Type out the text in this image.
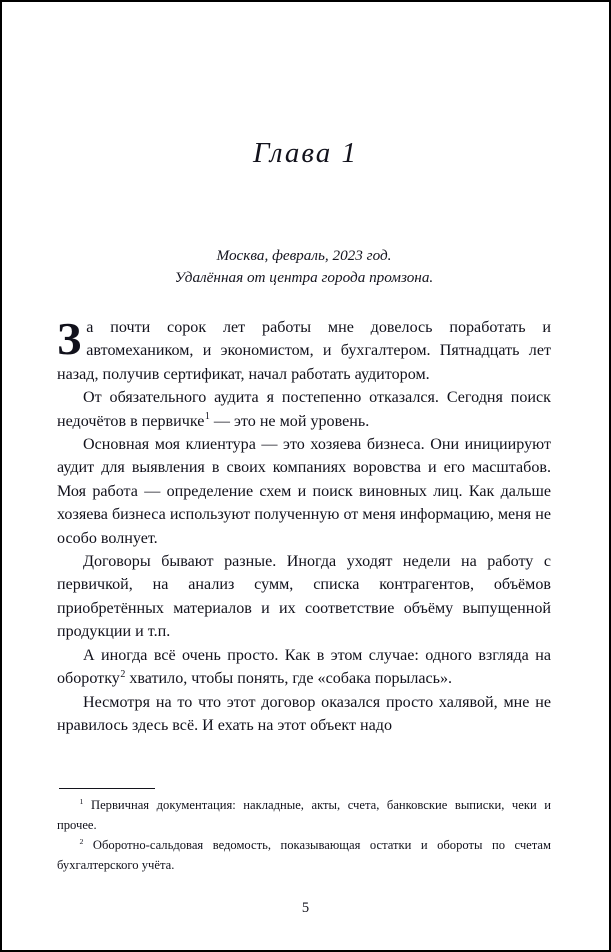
Глава 1
Москва, февраль, 2023 год.
Удалённая от центра города промзона.

За почти сорок лет работы мне довелось поработать и автомехаником, и экономистом, и бухгалтером. Пятнадцать лет назад, получив сертификат, начал работать аудитором.

От обязательного аудита я постепенно отказался. Сегодня поиск недочётов в первичке$^1$ — это не мой уровень.

Основная моя клиентура — это хозяева бизнеса. Они инициируют аудит для выявления в своих компаниях воровства и его масштабов. Моя работа — определение схем и поиск виновных лиц. Как дальше хозяева бизнеса используют полученную от меня информацию, меня не особо волнует.

Договоры бывают разные. Иногда уходят недели на работу с первичкой, на анализ сумм, списка контрагентов, объёмов приобретённых материалов и их соответствие объёму выпущенной продукции и т.п.

А иногда всё очень просто. Как в этом случае: одного взгляда на оборотку$^2$ хватило, чтобы понять, где «собака порылась».

Несмотря на то что этот договор оказался просто халявой, мне не нравилось здесь всё. И ехать на этот объект надо

$^1$ Первичная документация: накладные, акты, счета, банковские выписки, чеки и прочее.

$^2$ Оборотно-сальдовая ведомость, показывающая остатки и обороты по счетам бухгалтерского учёта.

5
